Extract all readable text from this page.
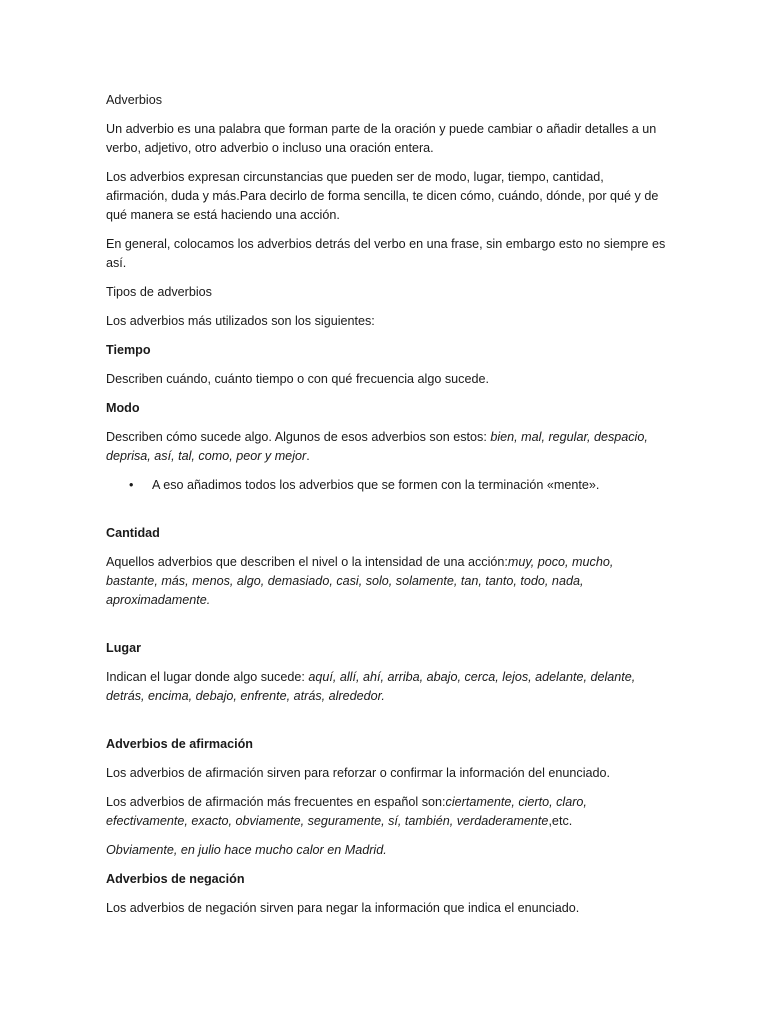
Adverbios

Un adverbio es una palabra que forman parte de la oración y puede cambiar o añadir detalles a un verbo, adjetivo, otro adverbio o incluso una oración entera.

Los adverbios expresan circunstancias que pueden ser de modo, lugar, tiempo, cantidad, afirmación, duda y más.Para decirlo de forma sencilla, te dicen cómo, cuándo, dónde, por qué y de qué manera se está haciendo una acción.

En general, colocamos los adverbios detrás del verbo en una frase, sin embargo esto no siempre es así.

Tipos de adverbios

Los adverbios más utilizados son los siguientes:

Tiempo

Describen cuándo, cuánto tiempo o con qué frecuencia algo sucede.

Modo

Describen cómo sucede algo. Algunos de esos adverbios son estos: bien, mal, regular, despacio, deprisa, así, tal, como, peor y mejor.

• A eso añadimos todos los adverbios que se formen con la terminación «mente».

Cantidad

Aquellos adverbios que describen el nivel o la intensidad de una acción:muy, poco, mucho, bastante, más, menos, algo, demasiado, casi, solo, solamente, tan, tanto, todo, nada, aproximadamente.

Lugar

Indican el lugar donde algo sucede: aquí, allí, ahí, arriba, abajo, cerca, lejos, adelante, delante, detrás, encima, debajo, enfrente, atrás, alrededor.

Adverbios de afirmación

Los adverbios de afirmación sirven para reforzar o confirmar la información del enunciado.

Los adverbios de afirmación más frecuentes en español son:ciertamente, cierto, claro, efectivamente, exacto, obviamente, seguramente, sí, también, verdaderamente,etc.

Obviamente, en julio hace mucho calor en Madrid.

Adverbios de negación

Los adverbios de negación sirven para negar la información que indica el enunciado.
